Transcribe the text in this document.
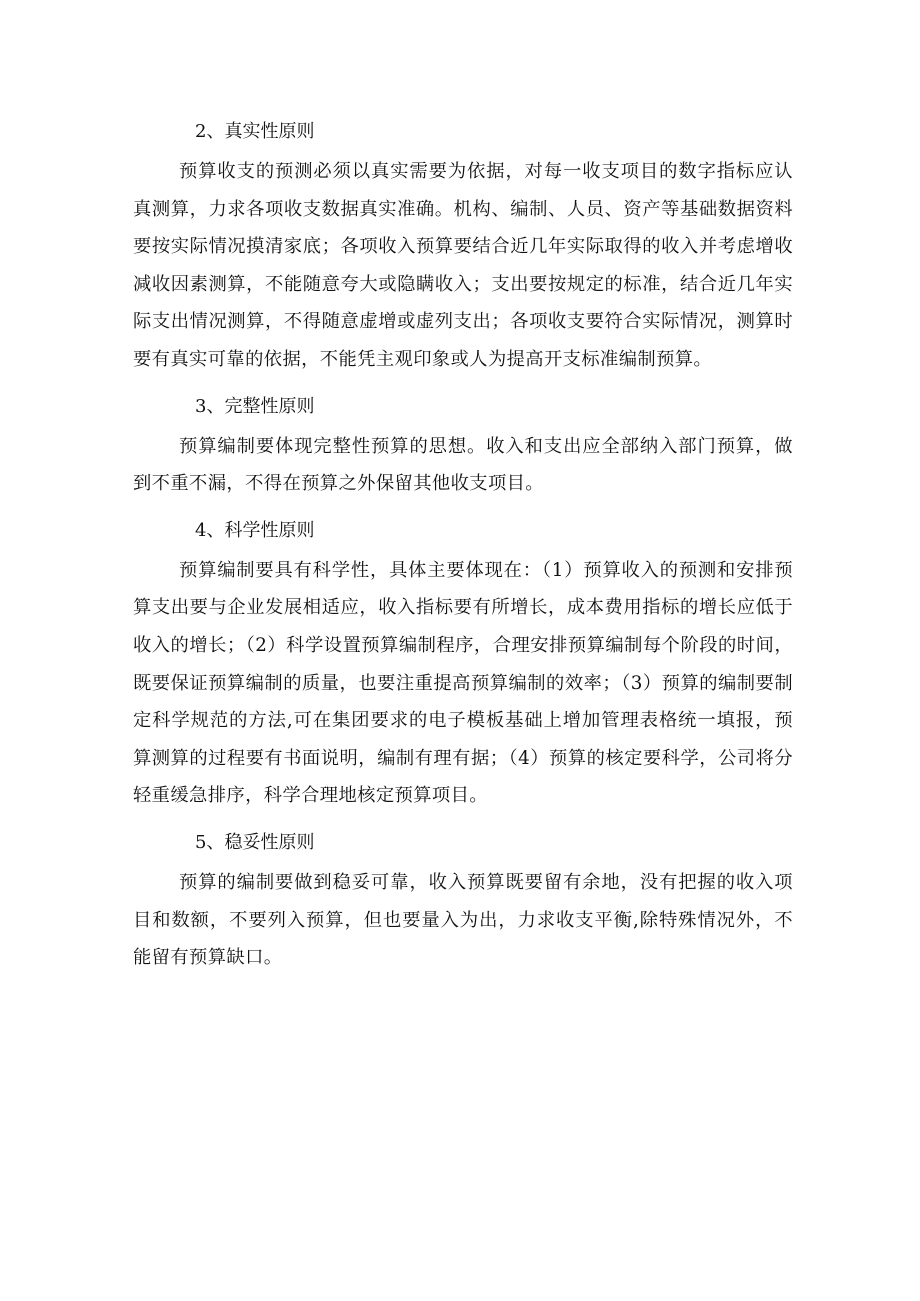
2、真实性原则
预算收支的预测必须以真实需要为依据，对每一收支项目的数字指标应认真测算，力求各项收支数据真实准确。机构、编制、人员、资产等基础数据资料要按实际情况摸清家底；各项收入预算要结合近几年实际取得的收入并考虑增收减收因素测算，不能随意夸大或隐瞒收入；支出要按规定的标准，结合近几年实际支出情况测算，不得随意虚增或虚列支出；各项收支要符合实际情况，测算时要有真实可靠的依据，不能凭主观印象或人为提高开支标准编制预算。
3、完整性原则
预算编制要体现完整性预算的思想。收入和支出应全部纳入部门预算，做到不重不漏，不得在预算之外保留其他收支项目。
4、科学性原则
预算编制要具有科学性，具体主要体现在：（1）预算收入的预测和安排预算支出要与企业发展相适应，收入指标要有所增长，成本费用指标的增长应低于收入的增长；（2）科学设置预算编制程序，合理安排预算编制每个阶段的时间，既要保证预算编制的质量，也要注重提高预算编制的效率；（3）预算的编制要制定科学规范的方法,可在集团要求的电子模板基础上增加管理表格统一填报，预算测算的过程要有书面说明，编制有理有据；（4）预算的核定要科学，公司将分轻重缓急排序，科学合理地核定预算项目。
5、稳妥性原则
预算的编制要做到稳妥可靠，收入预算既要留有余地，没有把握的收入项目和数额，不要列入预算，但也要量入为出，力求收支平衡,除特殊情况外，不能留有预算缺口。
